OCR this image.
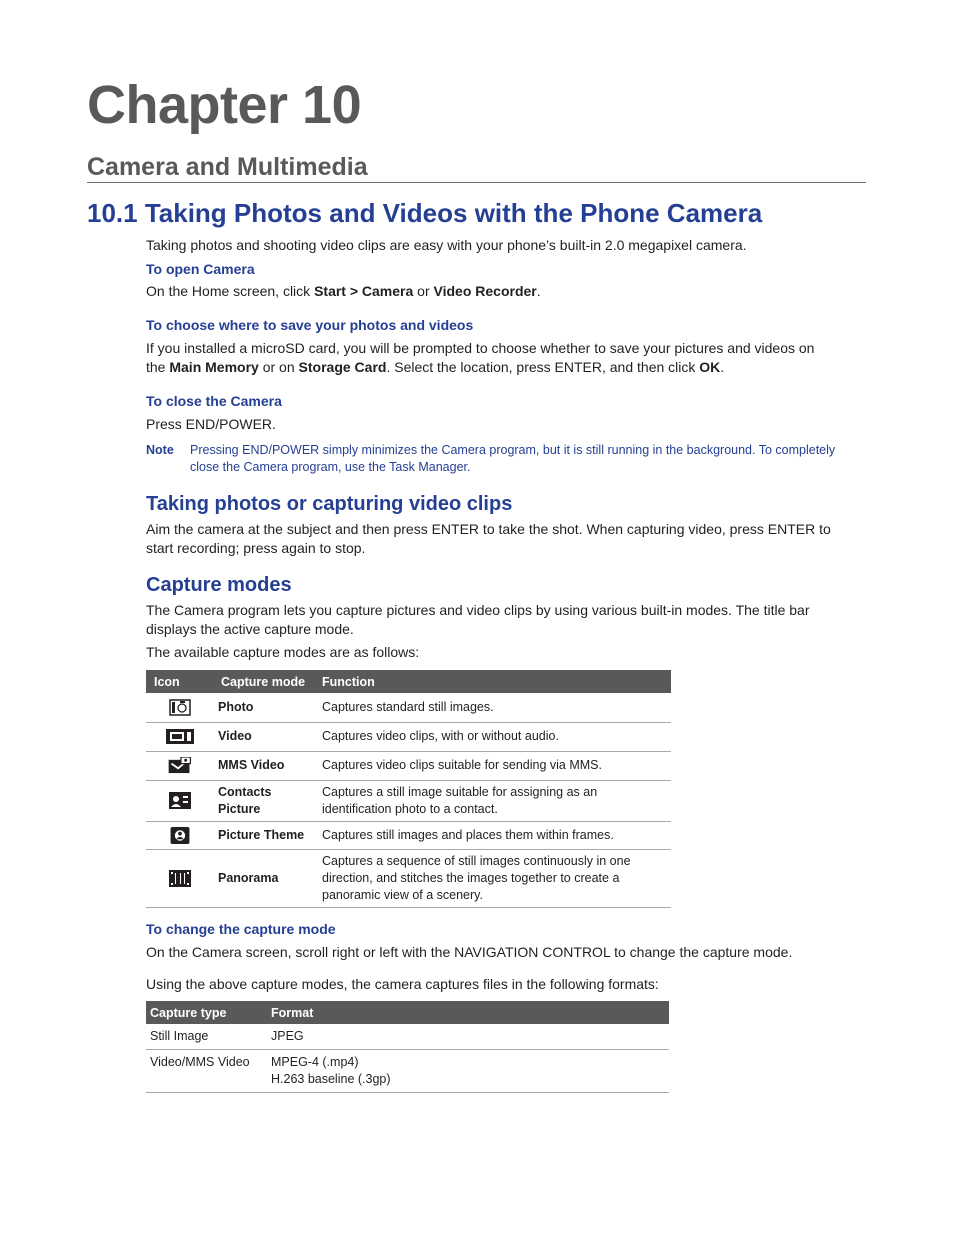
Chapter 10
Camera and Multimedia
10.1 Taking Photos and Videos with the Phone Camera
Taking photos and shooting video clips are easy with your phone’s built-in 2.0 megapixel camera.
To open Camera
On the Home screen, click Start > Camera or Video Recorder.
To choose where to save your photos and videos
If you installed a microSD card, you will be prompted to choose whether to save your pictures and videos on
the Main Memory or on Storage Card. Select the location, press ENTER, and then click OK.
To close the Camera
Press END/POWER.
Note Pressing END/POWER simply minimizes the Camera program, but it is still running in the background. To completely close the Camera program, use the Task Manager.
Taking photos or capturing video clips
Aim the camera at the subject and then press ENTER to take the shot. When capturing video, press ENTER to start recording; press again to stop.
Capture modes
The Camera program lets you capture pictures and video clips by using various built-in modes. The title bar displays the active capture mode.
The available capture modes are as follows:
Icon	Capture mode	Function
	Photo	Captures standard still images.
	Video	Captures video clips, with or without audio.
	MMS Video	Captures video clips suitable for sending via MMS.
	Contacts Picture	Captures a still image suitable for assigning as an identification photo to a contact.
	Picture Theme	Captures still images and places them within frames.
	Panorama	Captures a sequence of still images continuously in one direction, and stitches the images together to create a panoramic view of a scenery.
To change the capture mode
On the Camera screen, scroll right or left with the NAVIGATION CONTROL to change the capture mode.
Using the above capture modes, the camera captures files in the following formats:
Capture type	Format
Still Image	JPEG
Video/MMS Video	MPEG-4 (.mp4)
H.263 baseline (.3gp)
